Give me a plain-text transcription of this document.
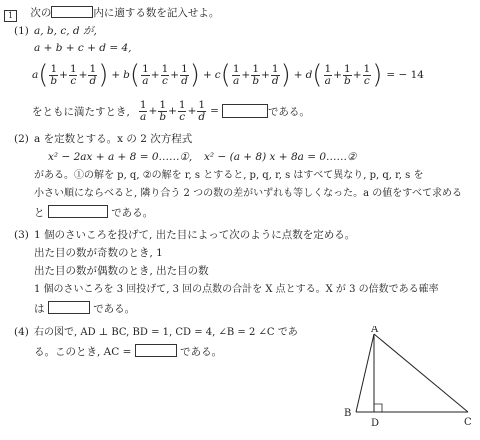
1 次の	内に適する数を記入せよ。
(1) a, b, c, d が,
a + b + c + d = 4,
a ( $\frac{1}{b} + \frac{1}{c} + \frac{1}{d}$ ) + b ( $\frac{1}{a} + \frac{1}{c} + \frac{1}{d}$ ) + c ( $\frac{1}{a} + \frac{1}{b} + \frac{1}{d}$ ) + d ( $\frac{1}{a} + \frac{1}{b} + \frac{1}{c}$ ) = − 14
をともに満たすとき, $\frac{1}{a} + \frac{1}{b} + \frac{1}{c} + \frac{1}{d}$ =	である。
(2) a を定数とする。x の 2 次方程式
x² − 2ax + a + 8 = 0……①, x² − (a + 8) x + 8a = 0……②
がある。①の解を p, q, ②の解を r, s とすると, p, q, r, s はすべて異なり, p, q, r, s を
小さい順にならべると, 隣り合う 2 つの数の差がいずれも等しくなった。a の値をすべて求める
と	である。
(3) 1 個のさいころを投げて, 出た目によって次のように点数を定める。
出た目の数が奇数のとき, 1
出た目の数が偶数のとき, 出た目の数
1 個のさいころを 3 回投げて, 3 回の点数の合計を X 点とする。X が 3 の倍数である確率
は	である。
(4) 右の図で, AD ⊥ BC, BD = 1, CD = 4, ∠B = 2 ∠C であ
る。このとき, AC =	である。
A
B
C
D
